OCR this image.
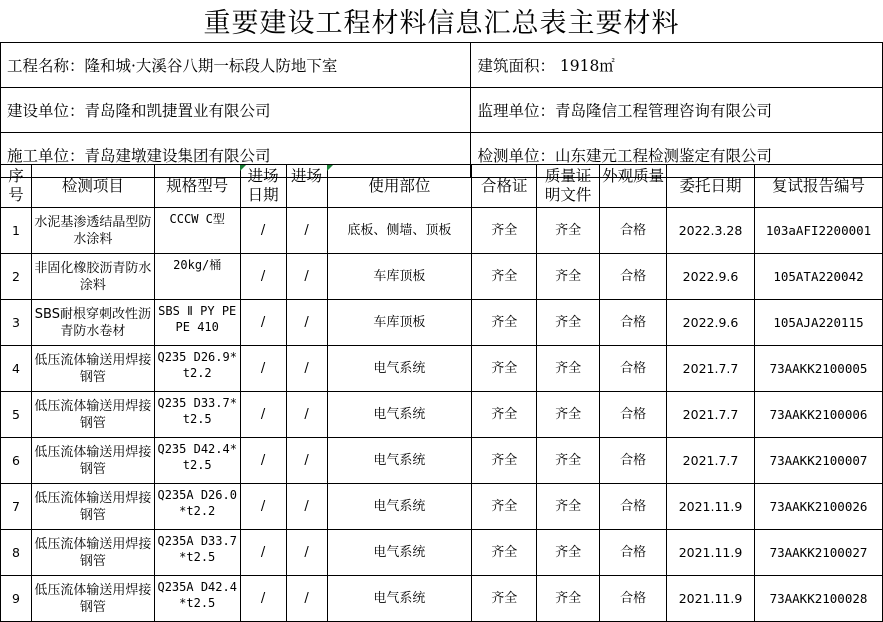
重要建设工程材料信息汇总表主要材料
工程名称：隆和城·大溪谷八期一标段人防地下室	建筑面积： 1918㎡
建设单位：青岛隆和凯捷置业有限公司	监理单位：青岛隆信工程管理咨询有限公司
施工单位：青岛建墩建设集团有限公司	检测单位：山东建元工程检测鉴定有限公司
序号	检测项目	规格型号	进场日期	进场	使用部位	合格证	质量证明文件	外观质量	委托日期	复试报告编号
1	水泥基渗透结晶型防水涂料	CCCW C型	/	/	底板、侧墙、顶板	齐全	齐全	合格	2022.3.28	103aAFI2200001
2	非固化橡胶沥青防水涂料	20kg/桶	/	/	车库顶板	齐全	齐全	合格	2022.9.6	105ATA220042
3	SBS耐根穿刺改性沥青防水卷材	SBS Ⅱ PY PE PE 410	/	/	车库顶板	齐全	齐全	合格	2022.9.6	105AJA220115
4	低压流体输送用焊接钢管	Q235 D26.9*t2.2	/	/	电气系统	齐全	齐全	合格	2021.7.7	73AAKK2100005
5	低压流体输送用焊接钢管	Q235 D33.7*t2.5	/	/	电气系统	齐全	齐全	合格	2021.7.7	73AAKK2100006
6	低压流体输送用焊接钢管	Q235 D42.4*t2.5	/	/	电气系统	齐全	齐全	合格	2021.7.7	73AAKK2100007
7	低压流体输送用焊接钢管	Q235A D26.0*t2.2	/	/	电气系统	齐全	齐全	合格	2021.11.9	73AAKK2100026
8	低压流体输送用焊接钢管	Q235A D33.7*t2.5	/	/	电气系统	齐全	齐全	合格	2021.11.9	73AAKK2100027
9	低压流体输送用焊接钢管	Q235A D42.4*t2.5	/	/	电气系统	齐全	齐全	合格	2021.11.9	73AAKK2100028
